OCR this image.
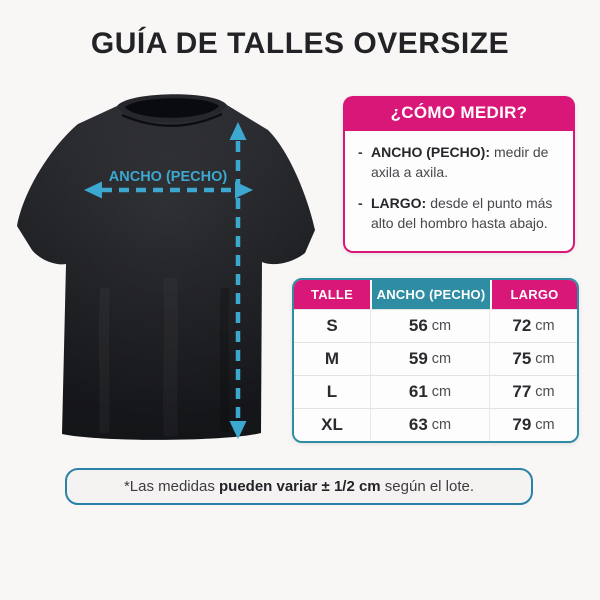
GUÍA DE TALLES OVERSIZE
ANCHO (PECHO)
¿CÓMO MEDIR?
- ANCHO (PECHO): medir de axila a axila.
- LARGO: desde el punto más alto del hombro hasta abajo.
TALLE	ANCHO (PECHO)	LARGO
S	56 cm	72 cm
M	59 cm	75 cm
L	61 cm	77 cm
XL	63 cm	79 cm
*Las medidas pueden variar ± 1/2 cm según el lote.
